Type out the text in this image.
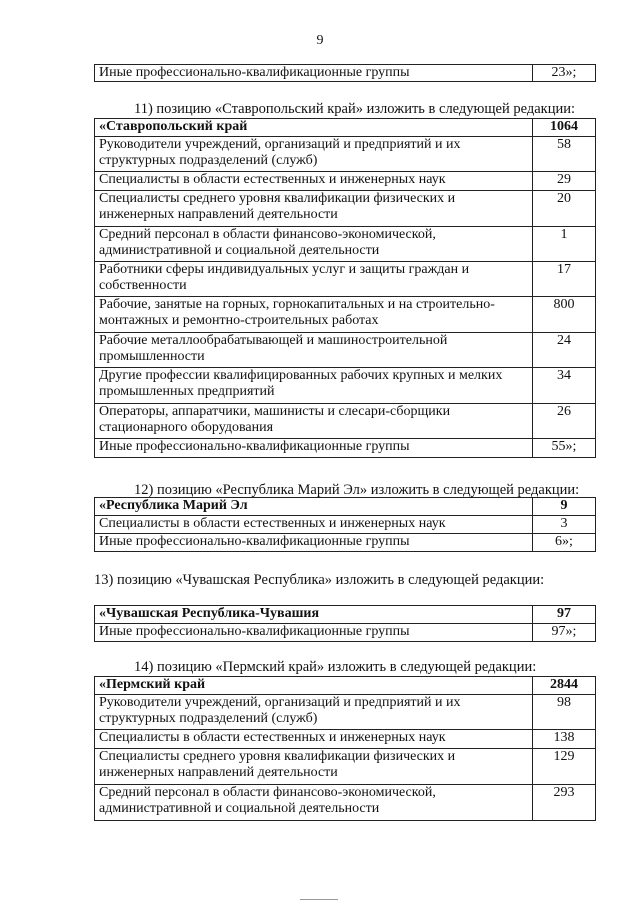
9
Иные профессионально-квалификационные группы	23»;
11) позицию «Ставропольский край» изложить в следующей редакции:
«Ставропольский край	1064
Руководители учреждений, организаций и предприятий и их структурных подразделений (служб)	58
Специалисты в области естественных и инженерных наук	29
Специалисты среднего уровня квалификации физических и инженерных направлений деятельности	20
Средний персонал в области финансово-экономической, административной и социальной деятельности	1
Работники сферы индивидуальных услуг и защиты граждан и собственности	17
Рабочие, занятые на горных, горнокапитальных и на строительно-монтажных и ремонтно-строительных работах	800
Рабочие металлообрабатывающей и машиностроительной промышленности	24
Другие профессии квалифицированных рабочих крупных и мелких промышленных предприятий	34
Операторы, аппаратчики, машинисты и слесари-сборщики стационарного оборудования	26
Иные профессионально-квалификационные группы	55»;
12) позицию «Республика Марий Эл» изложить в следующей редакции:
«Республика Марий Эл	9
Специалисты в области естественных и инженерных наук	3
Иные профессионально-квалификационные группы	6»;
13) позицию «Чувашская Республика» изложить в следующей редакции:
«Чувашская Республика-Чувашия	97
Иные профессионально-квалификационные группы	97»;
14) позицию «Пермский край» изложить в следующей редакции:
«Пермский край	2844
Руководители учреждений, организаций и предприятий и их структурных подразделений (служб)	98
Специалисты в области естественных и инженерных наук	138
Специалисты среднего уровня квалификации физических и инженерных направлений деятельности	129
Средний персонал в области финансово-экономической, административной и социальной деятельности	293
